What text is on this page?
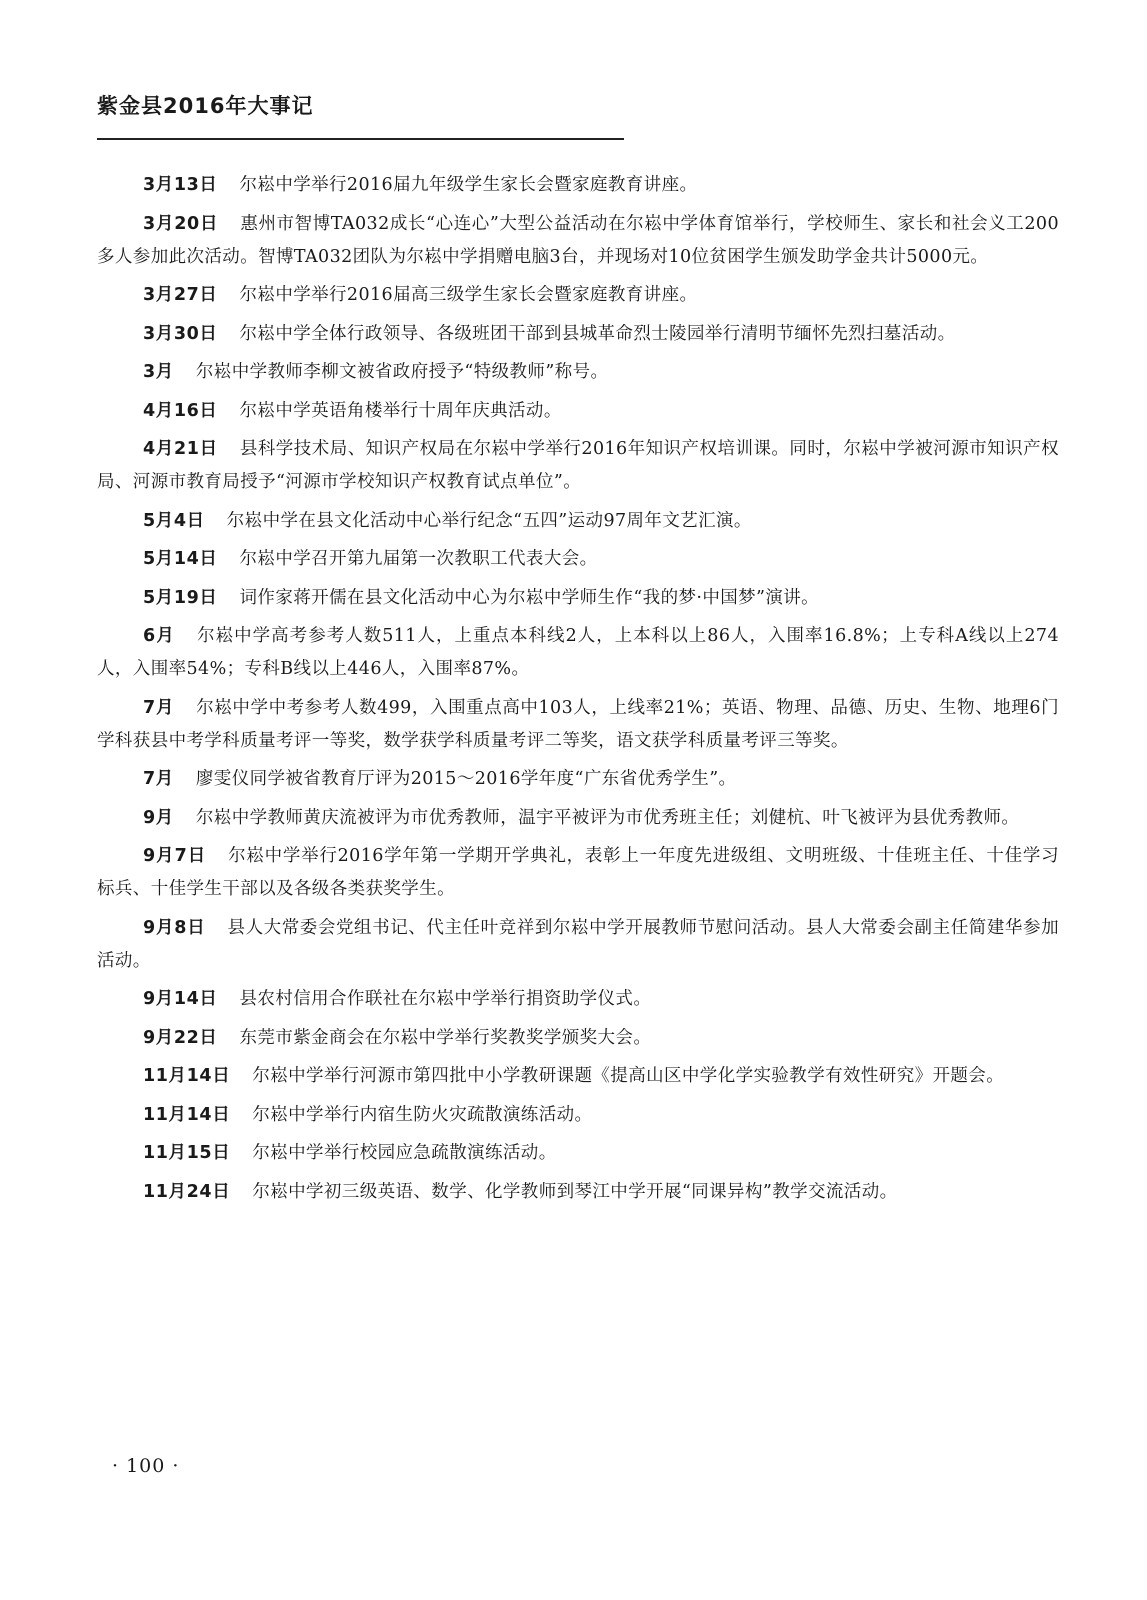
紫金县2016年大事记

3月13日 尔崧中学举行2016届九年级学生家长会暨家庭教育讲座。

3月20日 惠州市智博TA032成长“心连心”大型公益活动在尔崧中学体育馆举行，学校师生、家长和社会义工200多人参加此次活动。智博TA032团队为尔崧中学捐赠电脑3台，并现场对10位贫困学生颁发助学金共计5000元。

3月27日 尔崧中学举行2016届高三级学生家长会暨家庭教育讲座。

3月30日 尔崧中学全体行政领导、各级班团干部到县城革命烈士陵园举行清明节缅怀先烈扫墓活动。

3月 尔崧中学教师李柳文被省政府授予“特级教师”称号。

4月16日 尔崧中学英语角楼举行十周年庆典活动。

4月21日 县科学技术局、知识产权局在尔崧中学举行2016年知识产权培训课。同时，尔崧中学被河源市知识产权局、河源市教育局授予“河源市学校知识产权教育试点单位”。

5月4日 尔崧中学在县文化活动中心举行纪念“五四”运动97周年文艺汇演。

5月14日 尔崧中学召开第九届第一次教职工代表大会。

5月19日 词作家蒋开儒在县文化活动中心为尔崧中学师生作“我的梦·中国梦”演讲。

6月 尔崧中学高考参考人数511人，上重点本科线2人，上本科以上86人，入围率16.8%；上专科A线以上274人，入围率54%；专科B线以上446人，入围率87%。

7月 尔崧中学中考参考人数499，入围重点高中103人，上线率21%；英语、物理、品德、历史、生物、地理6门学科获县中考学科质量考评一等奖，数学获学科质量考评二等奖，语文获学科质量考评三等奖。

7月 廖雯仪同学被省教育厅评为2015～2016学年度“广东省优秀学生”。

9月 尔崧中学教师黄庆流被评为市优秀教师，温宇平被评为市优秀班主任；刘健杭、叶飞被评为县优秀教师。

9月7日 尔崧中学举行2016学年第一学期开学典礼，表彰上一年度先进级组、文明班级、十佳班主任、十佳学习标兵、十佳学生干部以及各级各类获奖学生。

9月8日 县人大常委会党组书记、代主任叶竞祥到尔崧中学开展教师节慰问活动。县人大常委会副主任简建华参加活动。

9月14日 县农村信用合作联社在尔崧中学举行捐资助学仪式。

9月22日 东莞市紫金商会在尔崧中学举行奖教奖学颁奖大会。

11月14日 尔崧中学举行河源市第四批中小学教研课题《提高山区中学化学实验教学有效性研究》开题会。

11月14日 尔崧中学举行内宿生防火灾疏散演练活动。

11月15日 尔崧中学举行校园应急疏散演练活动。

11月24日 尔崧中学初三级英语、数学、化学教师到琴江中学开展“同课异构”教学交流活动。

· 100 ·
